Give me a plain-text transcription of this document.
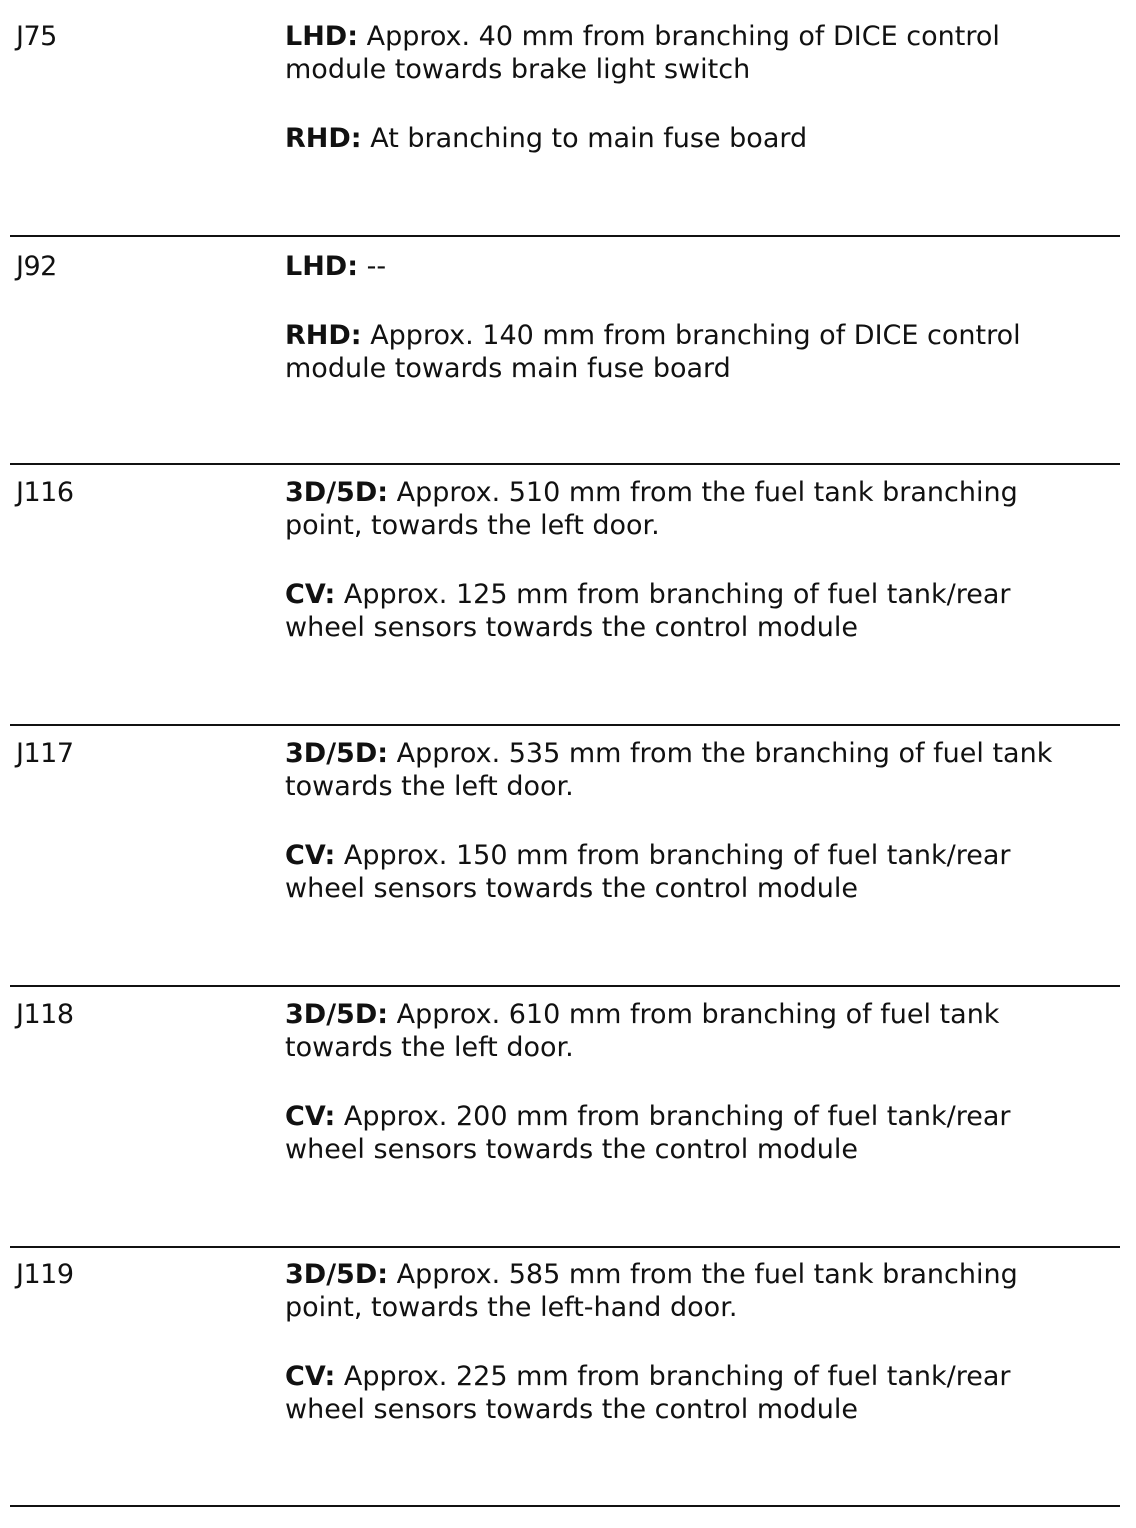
J75	LHD: Approx. 40 mm from branching of DICE control
module towards brake light switch

RHD: At branching to main fuse board

J92	LHD: --

RHD: Approx. 140 mm from branching of DICE control
module towards main fuse board

J116	3D/5D: Approx. 510 mm from the fuel tank branching
point, towards the left door.

CV: Approx. 125 mm from branching of fuel tank/rear
wheel sensors towards the control module

J117	3D/5D: Approx. 535 mm from the branching of fuel tank
towards the left door.

CV: Approx. 150 mm from branching of fuel tank/rear
wheel sensors towards the control module

J118	3D/5D: Approx. 610 mm from branching of fuel tank
towards the left door.

CV: Approx. 200 mm from branching of fuel tank/rear
wheel sensors towards the control module

J119	3D/5D: Approx. 585 mm from the fuel tank branching
point, towards the left-hand door.

CV: Approx. 225 mm from branching of fuel tank/rear
wheel sensors towards the control module
